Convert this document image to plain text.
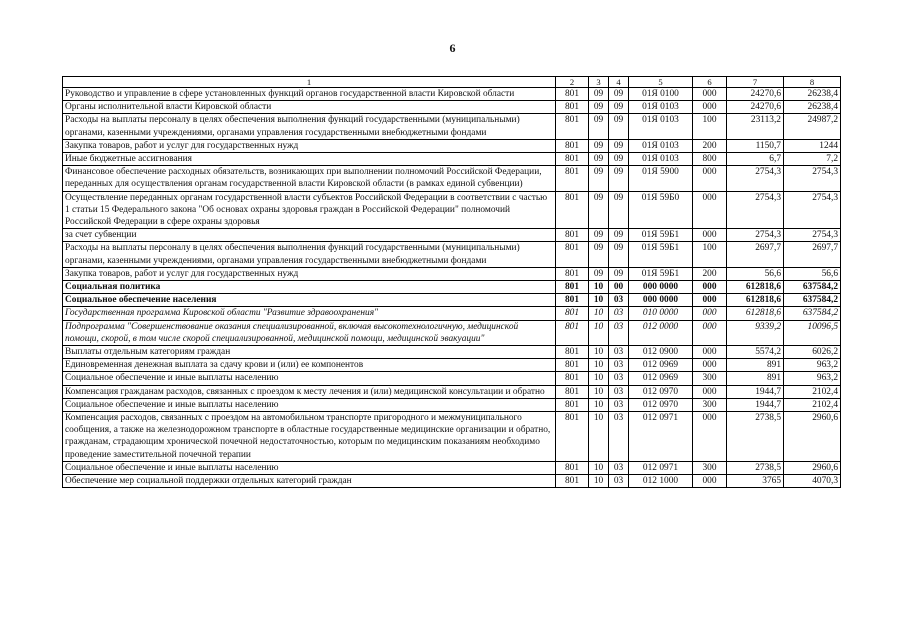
6
1	2	3	4	5	6	7	8
Руководство и управление в сфере установленных функций органов государственной власти Кировской области	801	09	09	01Я 0100	000	24270,6	26238,4
Органы исполнительной власти Кировской области	801	09	09	01Я 0103	000	24270,6	26238,4
Расходы на выплаты персоналу в целях обеспечения выполнения функций государственными (муниципальными) органами, казенными учреждениями, органами управления государственными внебюджетными фондами	801	09	09	01Я 0103	100	23113,2	24987,2
Закупка товаров, работ и услуг для государственных нужд	801	09	09	01Я 0103	200	1150,7	1244
Иные бюджетные ассигнования	801	09	09	01Я 0103	800	6,7	7,2
Финансовое обеспечение расходных обязательств, возникающих при выполнении полномочий Российской Федерации, переданных для осуществления органам государственной власти Кировской области (в рамках единой субвенции)	801	09	09	01Я 5900	000	2754,3	2754,3
Осуществление переданных органам государственной власти субъектов Российской Федерации в соответствии с частью 1 статьи 15 Федерального закона "Об основах охраны здоровья граждан в Российской Федерации" полномочий Российской Федерации в сфере охраны здоровья	801	09	09	01Я 59Б0	000	2754,3	2754,3
за счет субвенции	801	09	09	01Я 59Б1	000	2754,3	2754,3
Расходы на выплаты персоналу в целях обеспечения выполнения функций государственными (муниципальными) органами, казенными учреждениями, органами управления государственными внебюджетными фондами	801	09	09	01Я 59Б1	100	2697,7	2697,7
Закупка товаров, работ и услуг для государственных нужд	801	09	09	01Я 59Б1	200	56,6	56,6
Социальная политика	801	10	00	000 0000	000	612818,6	637584,2
Социальное обеспечение населения	801	10	03	000 0000	000	612818,6	637584,2
Государственная программа Кировской области "Развитие здравоохранения"	801	10	03	010 0000	000	612818,6	637584,2
Подпрограмма "Совершенствование оказания специализированной, включая высокотехнологичную, медицинской помощи, скорой, в том числе скорой специализированной, медицинской помощи, медицинской эвакуации"	801	10	03	012 0000	000	9339,2	10096,5
Выплаты отдельным категориям граждан	801	10	03	012 0900	000	5574,2	6026,2
Единовременная денежная выплата за сдачу крови и (или) ее компонентов	801	10	03	012 0969	000	891	963,2
Социальное обеспечение и иные выплаты населению	801	10	03	012 0969	300	891	963,2
Компенсация гражданам расходов, связанных с проездом к месту лечения и (или) медицинской консультации и обратно	801	10	03	012 0970	000	1944,7	2102,4
Социальное обеспечение и иные выплаты населению	801	10	03	012 0970	300	1944,7	2102,4
Компенсация расходов, связанных с проездом на автомобильном транспорте пригородного и межмуниципального сообщения, а также на железнодорожном транспорте в областные государственные медицинские организации и обратно, гражданам, страдающим хронической почечной недостаточностью, которым по медицинским показаниям необходимо проведение заместительной почечной терапии	801	10	03	012 0971	000	2738,5	2960,6
Социальное обеспечение и иные выплаты населению	801	10	03	012 0971	300	2738,5	2960,6
Обеспечение мер социальной поддержки отдельных категорий граждан	801	10	03	012 1000	000	3765	4070,3
